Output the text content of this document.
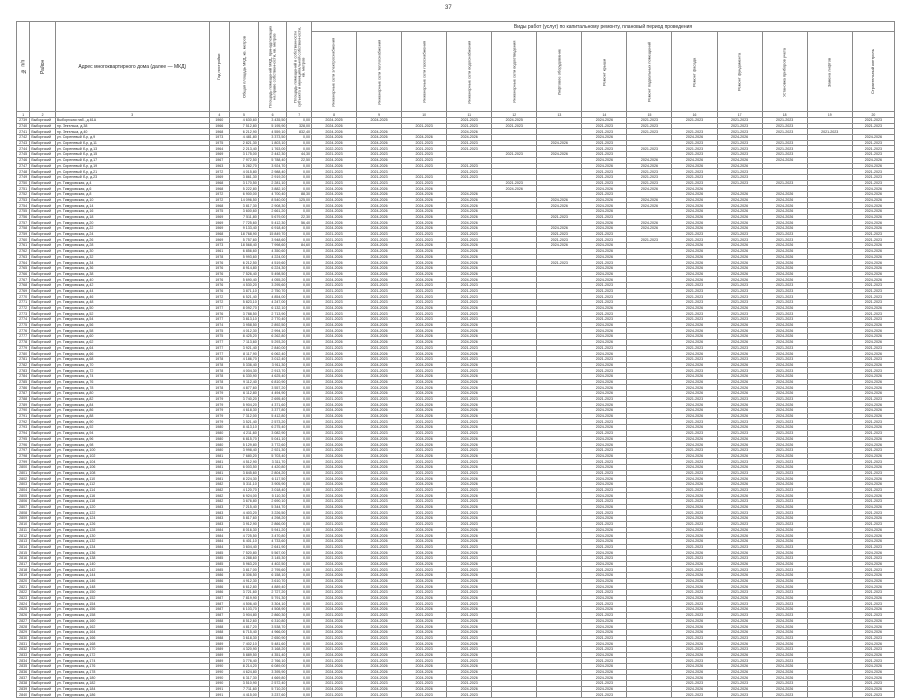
37
№ п/п	Район	Адрес многоквартирного дома (далее — МКД)	Год постройки	Общая площадь МКД, кв. метров	Площадь помещений МКД, принадлежащих на праве собственности, кв. метров	Площадь помещений в собственности субъекта и муниципальной собственности, кв. метров	Виды работ (услуг) по капитальному ремонту, плановый период проведения												
							Инженерные сети электроснабжения	Инженерные сети теплоснабжения	Инженерные сети газоснабжения	Инженерные сети водоснабжения	Инженерные сети водоотведения	Лифтовое оборудование	Ремонт крыши	Ремонт подвальных помещений	Ремонт фасада	Ремонт фундамента	Установка приборов учета	Замена лифтов	Строительный контроль
1	2	3	4	5	6	7	8	9	10	11	12	13	14	15	16	17	18	19	20
2739	Выборгский	Выборгская наб., д.61А	1960	4 630,60	3 435,50	0,00	2024-2025	2024-2025		2021-2023	2024-2025		2024-2026	2021-2023	2021-2023	2021-2023	2021-2023		2021-2023
2740	Выборгский	пр. Энгельса, д.38	1966	7 512,80	5 195,90	328,00	2024-2026		2021-2023	2021-2023	2021-2023		2021-2023	2021-2023		2021-2023	2021-2023		2021-2023
2741	Выборгский	пр. Энгельса, д.40	1968	6 212,90	4 559,10	832,40	2024-2026	2024-2026		2024-2026			2021-2023	2021-2023	2021-2023	2021-2023	2021-2023	2021-2023	
2742	Выборгский	ул. Сиреневый б-р, д.9	1973	4 481,80	3 373,50	0,00	2024-2026	2024-2026	2024-2026	2024-2026			2024-2026		2024-2026	2024-2026			2024-2026
2743	Выборгский	ул. Сиреневый б-р, д.11	1975	2 821,30	1 803,10	0,00	2024-2026	2024-2026	2021-2023	2021-2023		2024-2026	2021-2023		2021-2023	2021-2023	2021-2023		2021-2023
2744	Выборгский	ул. Сиреневый б-р, д.13	1964	2 213,40	1 763,00	0,00	2022-2023	2021-2023	2021-2023	2021-2023			2021-2023	2021-2023	2021-2023	2021-2023	2021-2023		2021-2023
2745	Выборгский	ул. Сиреневый б-р, д.15	1969	3 175,00	2 442,30	44,30	2021-2023	2021-2023	2021-2023		2021-2023	2024-2026	2021-2023		2021-2023	2021-2023	2021-2023		2021-2023
2746	Выборгский	ул. Сиреневый б-р, д.17	1967	7 972,50	5 788,40	22,50	2024-2026	2024-2026	2021-2023				2024-2026	2024-2026	2024-2026	2024-2026	2024-2026		2024-2026
2747	Выборгский	ул. Сиреневый б-р, д.19	1963	5 282,70	3 924,70	0,00	2024-2026	2024-2026	2021-2023	2021-2023			2024-2026	2024-2026	2024-2026	2024-2026			2024-2026
2748	Выборгский	ул. Сиреневый б-р, д.21	1972	4 015,80	2 988,40	0,00	2021-2023	2021-2023		2021-2023			2021-2023	2021-2023	2021-2023	2021-2023			2021-2023
2749	Выборгский	ул. Сиреневый б-р, д.23	1969	3 861,30	2 919,20	0,00	2021-2023	2021-2023	2021-2023	2021-2023			2021-2023	2021-2023	2021-2023	2021-2023			2021-2023
2750	Выборгский	ул. Тимуровская, д.4	1968	3 170,50	2 281,10	0,00	2021-2023	2021-2023	2021-2023		2021-2023		2021-2023	2021-2023	2021-2023	2021-2023	2021-2023		2021-2023
2751	Выборгский	ул. Тимуровская, д.6	1968	5 222,80	3 882,10	0,00	2024-2026	2024-2026	2024-2026		2024-2026		2024-2026	2024-2026	2024-2026				2024-2026
2752	Выборгский	ул. Тимуровская, д.8	1972	6 900,00	4 700,40	88,30	2024-2026	2024-2026	2024-2026	2024-2026			2021-2023		2024-2026	2024-2026	2024-2026		2024-2026
2753	Выборгский	ул. Тимуровская, д.10	1972	14 096,50	8 540,00	125,00	2024-2026	2024-2026	2024-2026	2024-2026		2024-2026	2024-2026	2024-2026	2024-2026	2024-2026	2024-2026		2024-2026
2754	Выборгский	ул. Тимуровская, д.14	1968	3 817,30	2 908,30	0,00	2024-2026	2024-2026	2024-2026	2024-2026		2024-2026	2024-2026	2024-2026	2024-2026	2024-2026	2024-2026		2024-2026
2755	Выборгский	ул. Тимуровская, д.16	1975	3 600,60	2 661,20	0,00	2024-2026	2024-2026	2024-2026	2024-2026			2024-2026		2024-2026	2024-2026	2024-2026		2024-2026
2756	Выборгский	ул. Тимуровская, д.18	1969	7 511,80	5 679,00	22,30	2024-2026	2024-2026	2024-2026	2024-2026		2021-2023	2021-2023		2024-2026	2024-2026	2024-2026		2024-2026
2757	Выборгский	ул. Тимуровская, д.20	1969	7 725,60	5 412,30	56,40	2024-2026	2024-2026	2024-2026	2024-2026			2024-2026	2024-2026	2024-2026	2024-2026	2024-2026		2024-2026
2758	Выборгский	ул. Тимуровская, д.22	1969	9 133,40	6 918,40	0,00	2024-2026	2024-2026	2024-2026	2024-2026		2024-2026	2024-2026	2024-2026	2024-2026	2024-2026	2024-2026		2024-2026
2759	Выборгский	ул. Тимуровская, д.24	1968	18 768,90	15 849,70	0,00	2021-2023	2021-2023	2021-2023	2021-2023		2021-2023	2021-2023		2021-2023	2021-2023	2021-2023		2021-2023
2760	Выборгский	ул. Тимуровская, д.26	1969	5 757,60	3 948,60	0,00	2021-2023	2021-2023	2021-2023	2021-2023		2021-2023	2021-2023	2021-2023	2021-2023	2021-2023	2021-2023		2021-2023
2761	Выборгский	ул. Тимуровская, д.28	1973	18 568,40	7 998,60	84,60	2024-2026	2024-2026	2024-2026	2024-2026		2024-2026	2024-2026		2024-2026	2024-2026	2024-2026		2024-2026
2762	Выборгский	ул. Тимуровская, д.30	1961	6 856,60	4 350,60	0,00	2024-2026	2024-2026	2024-2026	2024-2026			2024-2026		2024-2026	2024-2026	2024-2026		2024-2026
2763	Выборгский	ул. Тимуровская, д.32	1978	5 993,60	4 224,00	0,00	2024-2026	2024-2026	2024-2026	2024-2026			2024-2026		2024-2026	2024-2026	2024-2026		2024-2026
2764	Выборгский	ул. Тимуровская, д.34	1976	6 212,50	4 519,60	0,00	2024-2026	2024-2026	2024-2026	2024-2026		2021-2023	2021-2023		2024-2026	2024-2026	2024-2026		2024-2026
2765	Выборгский	ул. Тимуровская, д.36	1976	8 914,80	6 224,30	0,00	2024-2026	2024-2026	2024-2026	2024-2026			2024-2026		2024-2026	2024-2026	2024-2026		2024-2026
2766	Выборгский	ул. Тимуровская, д.38	1976	7 526,40	5 498,50	0,00	2024-2026	2024-2026	2024-2026	2024-2026			2024-2026		2024-2026	2024-2026	2024-2026		2024-2026
2767	Выборгский	ул. Тимуровская, д.40	1976	5 690,40	4 055,20	0,00	2024-2026	2024-2026	2024-2026	2024-2026			2024-2026		2024-2026	2024-2026	2024-2026		2024-2026
2768	Выборгский	ул. Тимуровская, д.42	1976	4 530,20	3 295,60	0,00	2021-2023	2021-2023	2021-2023	2021-2023			2021-2023		2021-2023	2021-2023	2021-2023		2021-2023
2769	Выборгский	ул. Тимуровская, д.44	1976	3 871,10	2 750,70	0,00	2021-2023	2021-2023	2021-2023	2021-2023			2021-2023		2021-2023	2021-2023	2021-2023		2021-2023
2770	Выборгский	ул. Тимуровская, д.46	1972	6 521,40	4 854,00	0,00	2021-2023	2021-2023	2021-2023	2021-2023			2021-2023		2021-2023	2021-2023	2021-2023		2021-2023
2771	Выборгский	ул. Тимуровская, д.48	1972	5 823,10	4 247,00	0,00	2021-2023	2021-2023	2021-2023	2021-2023			2021-2023		2021-2023	2021-2023	2021-2023		2021-2023
2772	Выборгский	ул. Тимуровская, д.50	1977	8 092,70	6 132,10	0,00	2024-2026	2024-2026	2024-2026	2024-2026			2024-2026		2024-2026	2024-2026	2024-2026		2024-2026
2773	Выборгский	ул. Тимуровская, д.52	1976	3 788,50	2 713,90	0,00	2021-2023	2021-2023	2021-2023	2021-2023			2021-2023		2021-2023	2021-2023	2021-2023		2021-2023
2774	Выборгский	ул. Тимуровская, д.54	1977	3 813,10	2 770,40	0,00	2021-2023	2021-2023	2021-2023	2021-2023			2021-2023		2021-2023	2021-2023	2021-2023		2021-2023
2775	Выборгский	ул. Тимуровская, д.56	1974	3 958,50	2 892,50	0,00	2024-2026	2024-2026	2024-2026	2024-2026			2024-2026		2024-2026	2024-2026	2024-2026		2024-2026
2776	Выборгский	ул. Тимуровская, д.58	1975	4 012,30	2 994,10	0,00	2024-2026	2024-2026	2024-2026	2024-2026			2024-2026		2024-2026	2024-2026	2024-2026		2024-2026
2777	Выборгский	ул. Тимуровская, д.60	1975	8 425,20	6 262,80	0,00	2024-2026	2024-2026	2024-2026	2024-2026			2024-2026		2024-2026	2024-2026	2024-2026		2024-2026
2778	Выборгский	ул. Тимуровская, д.62	1977	7 113,60	5 293,20	0,00	2024-2026	2024-2026	2024-2026	2024-2026			2024-2026		2024-2026	2024-2026	2024-2026		2024-2026
2779	Выборгский	ул. Тимуровская, д.64	1977	3 921,40	2 840,00	0,00	2021-2023	2021-2023	2021-2023	2021-2023			2021-2023		2021-2023	2021-2023	2021-2023		2021-2023
2780	Выборгский	ул. Тимуровская, д.66	1977	8 117,90	6 062,40	0,00	2024-2026	2024-2026	2024-2026	2024-2026			2024-2026		2024-2026	2024-2026	2024-2026		2024-2026
2781	Выборгский	ул. Тимуровская, д.68	1978	4 186,70	3 012,40	0,00	2021-2023	2021-2023	2021-2023	2021-2023			2021-2023		2021-2023	2021-2023	2021-2023		2021-2023
2782	Выборгский	ул. Тимуровская, д.70	1978	5 336,40	3 911,30	0,00	2024-2026	2024-2026	2024-2026	2024-2026			2024-2026		2024-2026	2024-2026	2024-2026		2024-2026
2783	Выборгский	ул. Тимуровская, д.72	1978	4 004,30	2 913,70	0,00	2021-2023	2021-2023	2021-2023	2021-2023			2021-2023		2021-2023	2021-2023	2021-2023		2021-2023
2784	Выборгский	ул. Тимуровская, д.74	1978	6 330,90	4 625,40	0,00	2024-2026	2024-2026	2024-2026	2024-2026			2024-2026		2024-2026	2024-2026	2024-2026		2024-2026
2785	Выборгский	ул. Тимуровская, д.76	1978	9 112,40	6 810,90	0,00	2024-2026	2024-2026	2024-2026	2024-2026			2024-2026		2024-2026	2024-2026	2024-2026		2024-2026
2786	Выборгский	ул. Тимуровская, д.78	1978	4 877,60	3 557,20	0,00	2024-2026	2024-2026	2024-2026	2024-2026			2024-2026		2024-2026	2024-2026	2024-2026		2024-2026
2787	Выборгский	ул. Тимуровская, д.80	1979	6 112,80	4 494,90	0,00	2024-2026	2024-2026	2024-2026	2024-2026			2024-2026		2024-2026	2024-2026	2024-2026		2024-2026
2788	Выборгский	ул. Тимуровская, д.82	1979	3 740,20	2 695,40	0,00	2021-2023	2021-2023	2021-2023	2021-2023			2021-2023		2021-2023	2021-2023	2021-2023		2021-2023
2789	Выборгский	ул. Тимуровская, д.84	1979	5 904,20	4 371,60	0,00	2024-2026	2024-2026	2024-2026	2024-2026			2024-2026		2024-2026	2024-2026	2024-2026		2024-2026
2790	Выборгский	ул. Тимуровская, д.86	1979	4 618,30	3 377,80	0,00	2024-2026	2024-2026	2024-2026	2024-2026			2024-2026		2024-2026	2024-2026	2024-2026		2024-2026
2791	Выборгский	ул. Тимуровская, д.88	1979	7 312,00	5 412,80	0,00	2024-2026	2024-2026	2024-2026	2024-2026			2024-2026		2024-2026	2024-2026	2024-2026		2024-2026
2792	Выборгский	ул. Тимуровская, д.90	1979	3 521,40	2 573,20	0,00	2021-2023	2021-2023	2021-2023	2021-2023			2021-2023		2021-2023	2021-2023	2021-2023		2021-2023
2793	Выборгский	ул. Тимуровская, д.92	1980	8 413,10	6 275,40	0,00	2024-2026	2024-2026	2024-2026	2024-2026			2024-2026		2024-2026	2024-2026	2024-2026		2024-2026
2794	Выборгский	ул. Тимуровская, д.94	1980	4 211,60	3 082,90	0,00	2021-2023	2021-2023	2021-2023	2021-2023			2021-2023		2021-2023	2021-2023	2021-2023		2021-2023
2795	Выборгский	ул. Тимуровская, д.96	1980	6 815,70	5 041,10	0,00	2024-2026	2024-2026	2024-2026	2024-2026			2024-2026		2024-2026	2024-2026	2024-2026		2024-2026
2796	Выборгский	ул. Тимуровская, д.98	1980	5 129,80	3 772,60	0,00	2024-2026	2024-2026	2024-2026	2024-2026			2024-2026		2024-2026	2024-2026	2024-2026		2024-2026
2797	Выборгский	ул. Тимуровская, д.100	1980	3 998,40	2 921,30	0,00	2021-2023	2021-2023	2021-2023	2021-2023			2021-2023		2021-2023	2021-2023	2021-2023		2021-2023
2798	Выборгский	ул. Тимуровская, д.102	1981	7 680,20	5 703,40	0,00	2024-2026	2024-2026	2024-2026	2024-2026			2024-2026		2024-2026	2024-2026	2024-2026		2024-2026
2799	Выборгский	ул. Тимуровская, д.104	1981	4 512,90	3 311,70	0,00	2021-2023	2021-2023	2021-2023	2021-2023			2021-2023		2021-2023	2021-2023	2021-2023		2021-2023
2800	Выборгский	ул. Тимуровская, д.106	1981	6 003,50	4 420,80	0,00	2024-2026	2024-2026	2024-2026	2024-2026			2024-2026		2024-2026	2024-2026	2024-2026		2024-2026
2801	Выборгский	ул. Тимуровская, д.108	1981	3 845,60	2 804,20	0,00	2021-2023	2021-2023	2021-2023	2021-2023			2021-2023		2021-2023	2021-2023	2021-2023		2021-2023
2802	Выборгский	ул. Тимуровская, д.110	1981	8 224,30	6 117,50	0,00	2024-2026	2024-2026	2024-2026	2024-2026			2024-2026		2024-2026	2024-2026	2024-2026		2024-2026
2803	Выборгский	ул. Тимуровская, д.112	1982	5 311,10	3 905,90	0,00	2024-2026	2024-2026	2024-2026	2024-2026			2024-2026		2024-2026	2024-2026	2024-2026		2024-2026
2804	Выборгский	ул. Тимуровская, д.114	1982	4 120,70	3 018,40	0,00	2021-2023	2021-2023	2021-2023	2021-2023			2021-2023		2021-2023	2021-2023	2021-2023		2021-2023
2805	Выборгский	ул. Тимуровская, д.116	1982	6 924,00	5 110,30	0,00	2024-2026	2024-2026	2024-2026	2024-2026			2024-2026		2024-2026	2024-2026	2024-2026		2024-2026
2806	Выборгский	ул. Тимуровская, д.118	1982	3 676,80	2 690,10	0,00	2021-2023	2021-2023	2021-2023	2021-2023			2021-2023		2021-2023	2021-2023	2021-2023		2021-2023
2807	Выборгский	ул. Тимуровская, д.120	1983	7 215,40	5 344,70	0,00	2024-2026	2024-2026	2024-2026	2024-2026			2024-2026		2024-2026	2024-2026	2024-2026		2024-2026
2808	Выборгский	ул. Тимуровская, д.122	1983	4 403,20	3 226,50	0,00	2021-2023	2021-2023	2021-2023	2021-2023			2021-2023		2021-2023	2021-2023	2021-2023		2021-2023
2809	Выборгский	ул. Тимуровская, д.124	1983	5 817,60	4 298,20	0,00	2024-2026	2024-2026	2024-2026	2024-2026			2024-2026		2024-2026	2024-2026	2024-2026		2024-2026
2810	Выборгский	ул. Тимуровская, д.126	1983	3 912,90	2 866,00	0,00	2021-2023	2021-2023	2021-2023	2021-2023			2021-2023		2021-2023	2021-2023	2021-2023		2021-2023
2811	Выборгский	ул. Тимуровская, д.128	1984	8 016,30	5 941,20	0,00	2024-2026	2024-2026	2024-2026	2024-2026			2024-2026		2024-2026	2024-2026	2024-2026		2024-2026
2812	Выборгский	ул. Тимуровская, д.130	1984	4 725,50	3 470,80	0,00	2024-2026	2024-2026	2024-2026	2024-2026			2024-2026		2024-2026	2024-2026	2024-2026		2024-2026
2813	Выборгский	ул. Тимуровская, д.132	1984	6 401,10	4 733,60	0,00	2024-2026	2024-2026	2024-2026	2024-2026			2024-2026		2024-2026	2024-2026	2024-2026		2024-2026
2814	Выборгский	ул. Тимуровская, д.134	1984	3 604,40	2 641,90	0,00	2021-2023	2021-2023	2021-2023	2021-2023			2021-2023		2021-2023	2021-2023	2021-2023		2021-2023
2815	Выборгский	ул. Тимуровская, д.136	1985	7 520,80	5 567,00	0,00	2024-2026	2024-2026	2024-2026	2024-2026			2024-2026		2024-2026	2024-2026	2024-2026		2024-2026
2816	Выборгский	ул. Тимуровская, д.138	1985	4 288,60	3 145,30	0,00	2021-2023	2021-2023	2021-2023	2021-2023			2021-2023		2021-2023	2021-2023	2021-2023		2021-2023
2817	Выборгский	ул. Тимуровская, д.140	1985	5 963,20	4 402,50	0,00	2024-2026	2024-2026	2024-2026	2024-2026			2024-2026		2024-2026	2024-2026	2024-2026		2024-2026
2818	Выборгский	ул. Тимуровская, д.142	1985	3 817,00	2 795,60	0,00	2021-2023	2021-2023	2021-2023	2021-2023			2021-2023		2021-2023	2021-2023	2021-2023		2021-2023
2819	Выборгский	ул. Тимуровская, д.144	1986	8 306,50	6 158,10	0,00	2024-2026	2024-2026	2024-2026	2024-2026			2024-2026		2024-2026	2024-2026	2024-2026		2024-2026
2820	Выборгский	ул. Тимуровская, д.146	1986	4 912,30	3 610,70	0,00	2024-2026	2024-2026	2024-2026	2024-2026			2024-2026		2024-2026	2024-2026	2024-2026		2024-2026
2821	Выборгский	ул. Тимуровская, д.148	1986	6 612,80	4 889,40	0,00	2024-2026	2024-2026	2024-2026	2024-2026			2024-2026		2024-2026	2024-2026	2024-2026		2024-2026
2822	Выборгский	ул. Тимуровская, д.150	1986	3 721,60	2 727,20	0,00	2021-2023	2021-2023	2021-2023	2021-2023			2021-2023		2021-2023	2021-2023	2021-2023		2021-2023
2823	Выборгский	ул. Тимуровская, д.152	1987	7 819,90	5 791,30	0,00	2024-2026	2024-2026	2024-2026	2024-2026			2024-2026		2024-2026	2024-2026	2024-2026		2024-2026
2824	Выборгский	ул. Тимуровская, д.154	1987	4 506,40	3 304,10	0,00	2021-2023	2021-2023	2021-2023	2021-2023			2021-2023		2021-2023	2021-2023	2021-2023		2021-2023
2825	Выборгский	ул. Тимуровская, д.156	1987	6 103,70	4 508,90	0,00	2024-2026	2024-2026	2024-2026	2024-2026			2024-2026		2024-2026	2024-2026	2024-2026		2024-2026
2826	Выборгский	ул. Тимуровская, д.158	1987	3 904,80	2 860,30	0,00	2021-2023	2021-2023	2021-2023	2021-2023			2021-2023		2021-2023	2021-2023	2021-2023		2021-2023
2827	Выборгский	ул. Тимуровская, д.160	1988	8 512,60	6 310,80	0,00	2024-2026	2024-2026	2024-2026	2024-2026			2024-2026		2024-2026	2024-2026	2024-2026		2024-2026
2828	Выборгский	ул. Тимуровская, д.162	1988	4 817,20	3 538,70	0,00	2024-2026	2024-2026	2024-2026	2024-2026			2024-2026		2024-2026	2024-2026	2024-2026		2024-2026
2829	Выборгский	ул. Тимуровская, д.164	1988	6 715,40	4 966,00	0,00	2024-2026	2024-2026	2024-2026	2024-2026			2024-2026		2024-2026	2024-2026	2024-2026		2024-2026
2830	Выборгский	ул. Тимуровская, д.166	1988	3 618,30	2 650,90	0,00	2021-2023	2021-2023	2021-2023	2021-2023			2021-2023		2021-2023	2021-2023	2021-2023		2021-2023
2831	Выборгский	ул. Тимуровская, д.168	1989	7 402,10	5 481,60	0,00	2024-2026	2024-2026	2024-2026	2024-2026			2024-2026		2024-2026	2024-2026	2024-2026		2024-2026
2832	Выборгский	ул. Тимуровская, д.170	1989	4 320,90	3 168,20	0,00	2021-2023	2021-2023	2021-2023	2021-2023			2021-2023		2021-2023	2021-2023	2021-2023		2021-2023
2833	Выборгский	ул. Тимуровская, д.172	1989	5 889,50	4 351,40	0,00	2024-2026	2024-2026	2024-2026	2024-2026			2024-2026		2024-2026	2024-2026	2024-2026		2024-2026
2834	Выборгский	ул. Тимуровская, д.174	1989	3 776,40	2 766,10	0,00	2021-2023	2021-2023	2021-2023	2021-2023			2021-2023		2021-2023	2021-2023	2021-2023		2021-2023
2835	Выборгский	ул. Тимуровская, д.176	1990	8 214,20	6 089,00	0,00	2024-2026	2024-2026	2024-2026	2024-2026			2024-2026		2024-2026	2024-2026	2024-2026		2024-2026
2836	Выборгский	ул. Тимуровская, д.178	1990	4 624,80	3 395,90	0,00	2024-2026	2024-2026	2024-2026	2024-2026			2024-2026		2024-2026	2024-2026	2024-2026		2024-2026
2837	Выборгский	ул. Тимуровская, д.180	1990	6 317,30	4 669,80	0,00	2024-2026	2024-2026	2024-2026	2024-2026			2024-2026		2024-2026	2024-2026	2024-2026		2024-2026
2838	Выборгский	ул. Тимуровская, д.182	1990	3 510,90	2 572,40	0,00	2021-2023	2021-2023	2021-2023	2021-2023			2021-2023		2021-2023	2021-2023	2021-2023		2021-2023
2839	Выборгский	ул. Тимуровская, д.184	1991	7 711,60	5 710,20	0,00	2024-2026	2024-2026	2024-2026	2024-2026			2024-2026		2024-2026	2024-2026	2024-2026		2024-2026
2840	Выборгский	ул. Тимуровская, д.186	1991	4 415,00	3 237,60	0,00	2021-2023	2021-2023	2021-2023	2021-2023			2021-2023		2021-2023	2021-2023	2021-2023		2021-2023
